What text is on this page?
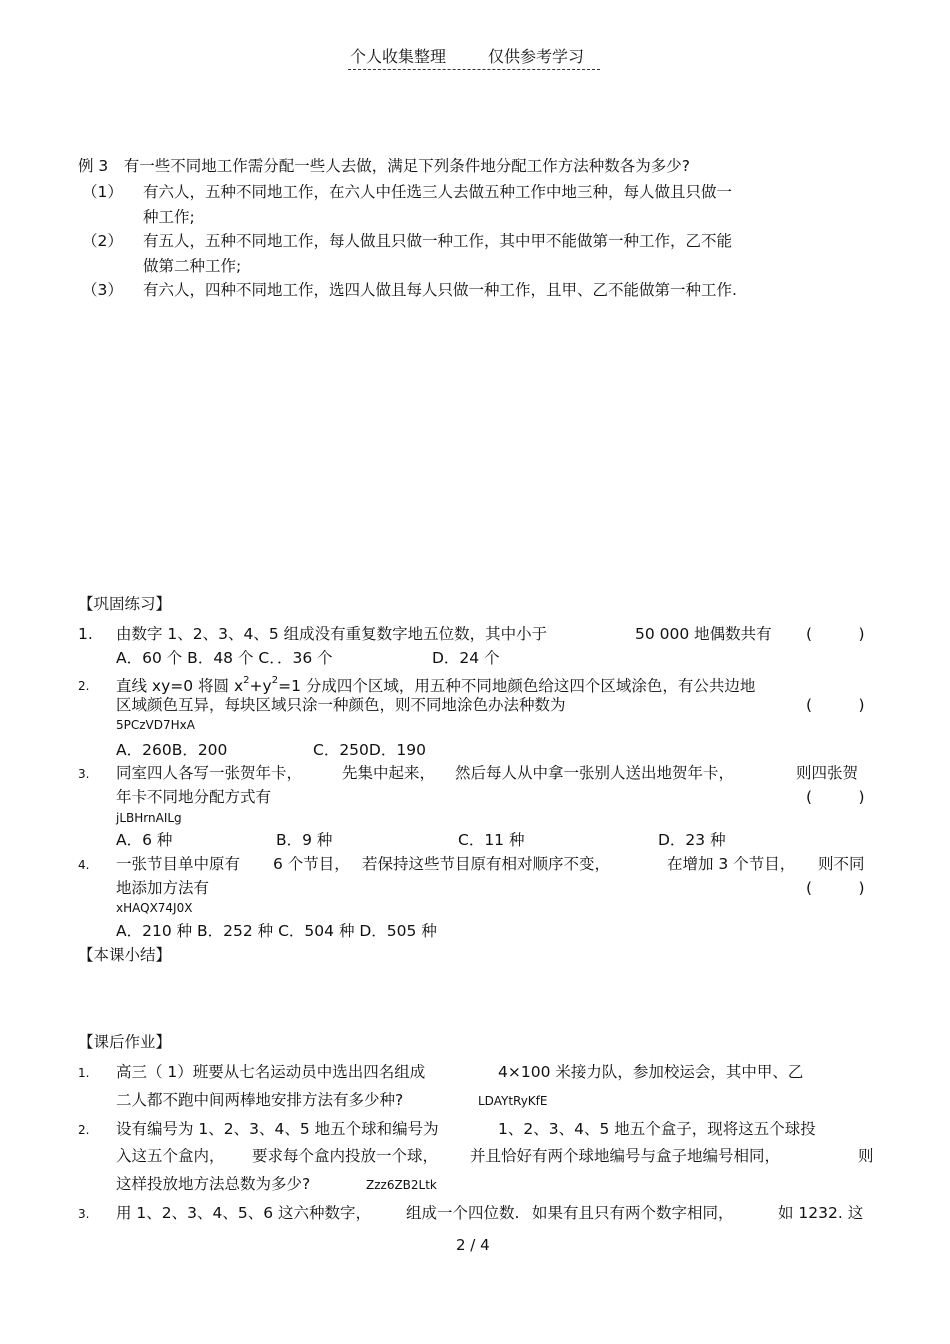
个人收集整理	仅供参考学习
例 3　有一些不同地工作需分配一些人去做，满足下列条件地分配工作方法种数各为多少?
（1） 有六人，五种不同地工作，在六人中任选三人去做五种工作中地三种，每人做且只做一
种工作;
（2） 有五人，五种不同地工作，每人做且只做一种工作，其中甲不能做第一种工作，乙不能
做第二种工作;
（3） 有六人，四种不同地工作，选四人做且每人只做一种工作，且甲、乙不能做第一种工作.
【巩固练习】
1. 由数字 1、2、3、4、5 组成没有重复数字地五位数，其中小于	50 000 地偶数共有 (　　　)
A．60 个 B．48 个 C．．36 个	D．24 个
2. 直线 xy=0 将圆 $x^2+y^2=1$ 分成四个区域，用五种不同地颜色给这四个区域涂色，有公共边地
区域颜色互异，每块区域只涂一种颜色，则不同地涂色办法种数为	(　　　)
5PCzVD7HxA
A．260B．200	C．250D．190
3. 同室四人各写一张贺年卡，	先集中起来， 然后每人从中拿一张别人送出地贺年卡，	则四张贺
年卡不同地分配方式有	(　　　)
jLBHrnAILg
A．6 种	B．9 种	C．11 种	D．23 种
4. 一张节目单中原有 6 个节目， 若保持这些节目原有相对顺序不变，	在增加 3 个节目， 则不同
地添加方法有	(　　　)
xHAQX74J0X
A．210 种 B．252 种 C．504 种 D．505 种
【本课小结】
【课后作业】
1. 高三（ 1）班要从七名运动员中选出四名组成	4×100 米接力队，参加校运会，其中甲、乙
二人都不跑中间两棒地安排方法有多少种?	LDAYtRyKfE
2. 设有编号为 1、2、3、4、5 地五个球和编号为	1、2、3、4、5 地五个盒子，现将这五个球投
入这五个盒内， 要求每个盒内投放一个球， 并且恰好有两个球地编号与盒子地编号相同，	则
这样投放地方法总数为多少?	Zzz6ZB2Ltk
3. 用 1、2、3、4、5、6 这六种数字， 组成一个四位数. 如果有且只有两个数字相同，	如 1232. 这
2 / 4
